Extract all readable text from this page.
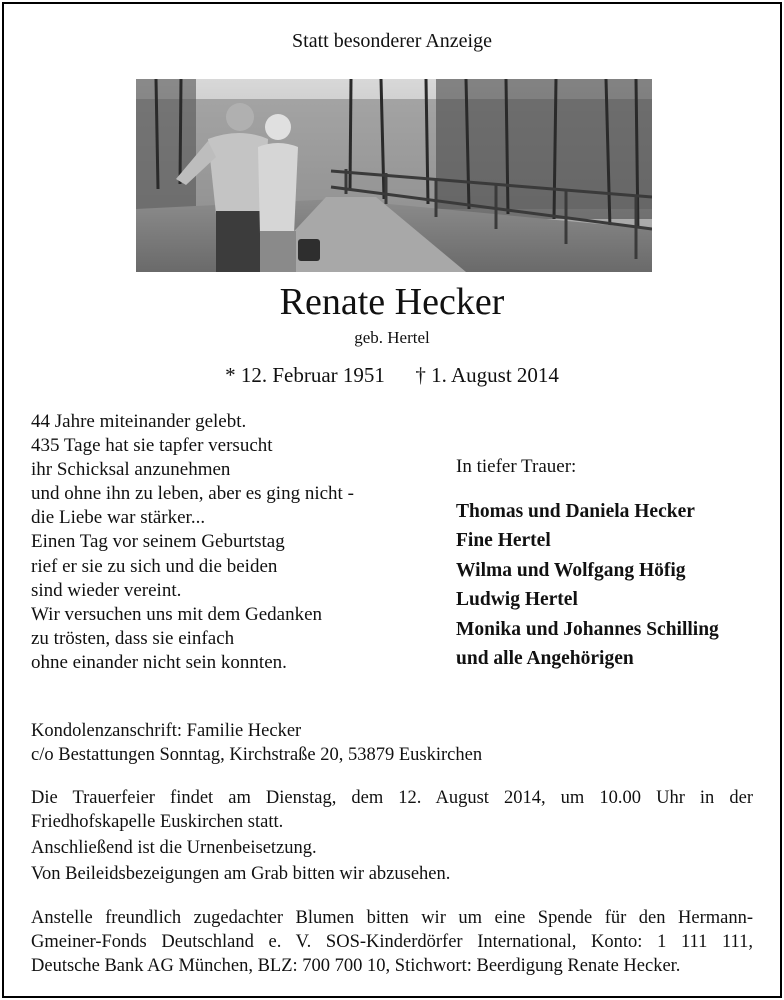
Statt besonderer Anzeige
Renate Hecker
geb. Hertel
* 12. Februar 1951 † 1. August 2014
44 Jahre miteinander gelebt.
435 Tage hat sie tapfer versucht
ihr Schicksal anzunehmen
und ohne ihn zu leben, aber es ging nicht -
die Liebe war stärker...
Einen Tag vor seinem Geburtstag
rief er sie zu sich und die beiden
sind wieder vereint.
Wir versuchen uns mit dem Gedanken
zu trösten, dass sie einfach
ohne einander nicht sein konnten.
In tiefer Trauer:
Thomas und Daniela Hecker
Fine Hertel
Wilma und Wolfgang Höfig
Ludwig Hertel
Monika und Johannes Schilling
und alle Angehörigen
Kondolenzanschrift: Familie Hecker
c/o Bestattungen Sonntag, Kirchstraße 20, 53879 Euskirchen
Die Trauerfeier findet am Dienstag, dem 12. August 2014, um 10.00 Uhr in der
Friedhofskapelle Euskirchen statt.
Anschließend ist die Urnenbeisetzung.
Von Beileidsbezeigungen am Grab bitten wir abzusehen.
Anstelle freundlich zugedachter Blumen bitten wir um eine Spende für den Hermann-
Gmeiner-Fonds Deutschland e. V. SOS-Kinderdörfer International, Konto: 1 111 111,
Deutsche Bank AG München, BLZ: 700 700 10, Stichwort: Beerdigung Renate Hecker.
